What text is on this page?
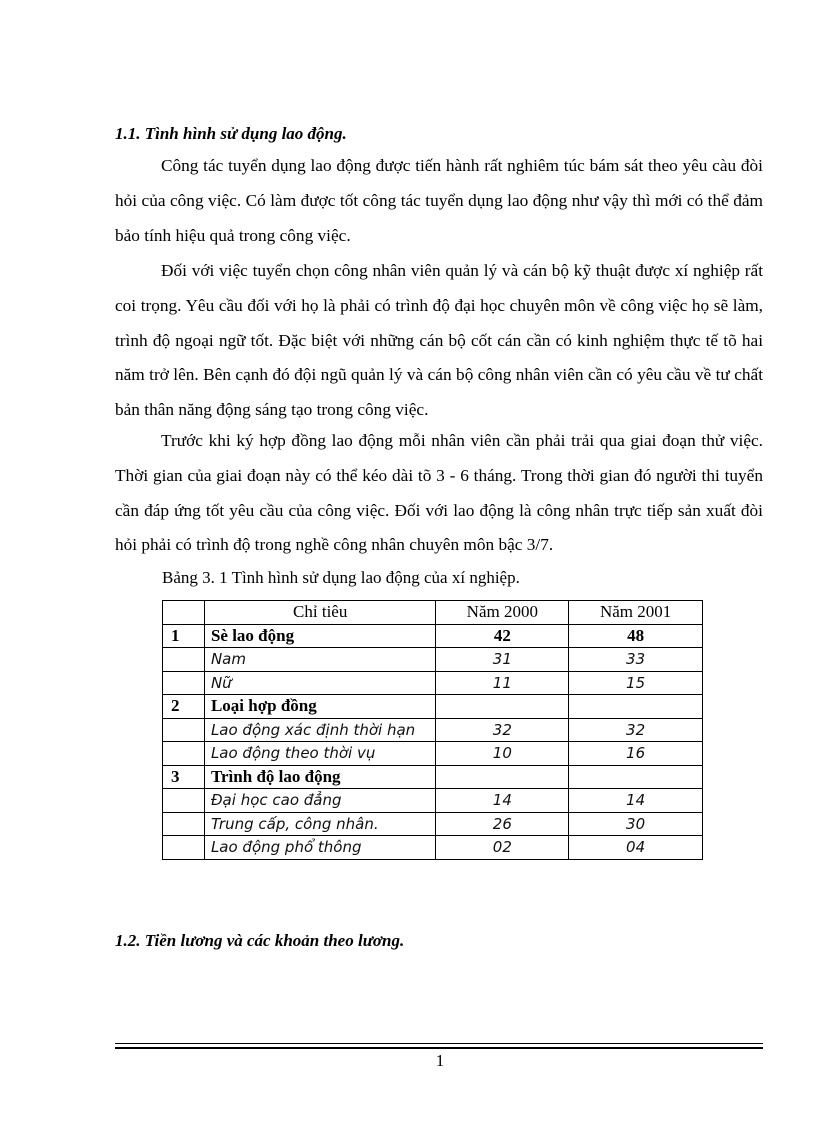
1.1. Tình hình sử dụng lao động.

Công tác tuyển dụng lao động được tiến hành rất nghiêm túc bám sát theo yêu càu đòi hỏi của công việc. Có làm được tốt công tác tuyển dụng lao động như vậy thì mới có thể đảm bảo tính hiệu quả trong công việc.

Đối với việc tuyển chọn công nhân viên quản lý và cán bộ kỹ thuật được xí nghiệp rất coi trọng. Yêu cầu đối với họ là phải có trình độ đại học chuyên môn về công việc họ sẽ làm, trình độ ngoại ngữ tốt. Đặc biệt với những cán bộ cốt cán cần có kinh nghiệm thực tế tõ hai năm trở lên. Bên cạnh đó đội ngũ quản lý và cán bộ công nhân viên cần có yêu cầu về tư chất bản thân năng động sáng tạo trong công việc.

Trước khi ký hợp đồng lao động mỗi nhân viên cần phải trải qua giai đoạn thử việc. Thời gian của giai đoạn này có thể kéo dài tõ 3 - 6 tháng. Trong thời gian đó người thi tuyển cần đáp ứng tốt yêu cầu của công việc. Đối với lao động là công nhân trực tiếp sản xuất đòi hỏi phải có trình độ trong nghề công nhân chuyên môn bậc 3/7.

Bảng 3. 1 Tình hình sử dụng lao động của xí nghiệp.

	Chỉ tiêu	Năm 2000	Năm 2001
1	Sè lao động	42	48
	Nam	31	33
	Nữ	11	15
2	Loại hợp đồng		
	Lao động xác định thời hạn	32	32
	Lao động theo thời vụ	10	16
3	Trình độ lao động		
	Đại học cao đẳng	14	14
	Trung cấp, công nhân.	26	30
	Lao động phổ thông	02	04
1.2. Tiền lương và các khoản theo lương.
1
